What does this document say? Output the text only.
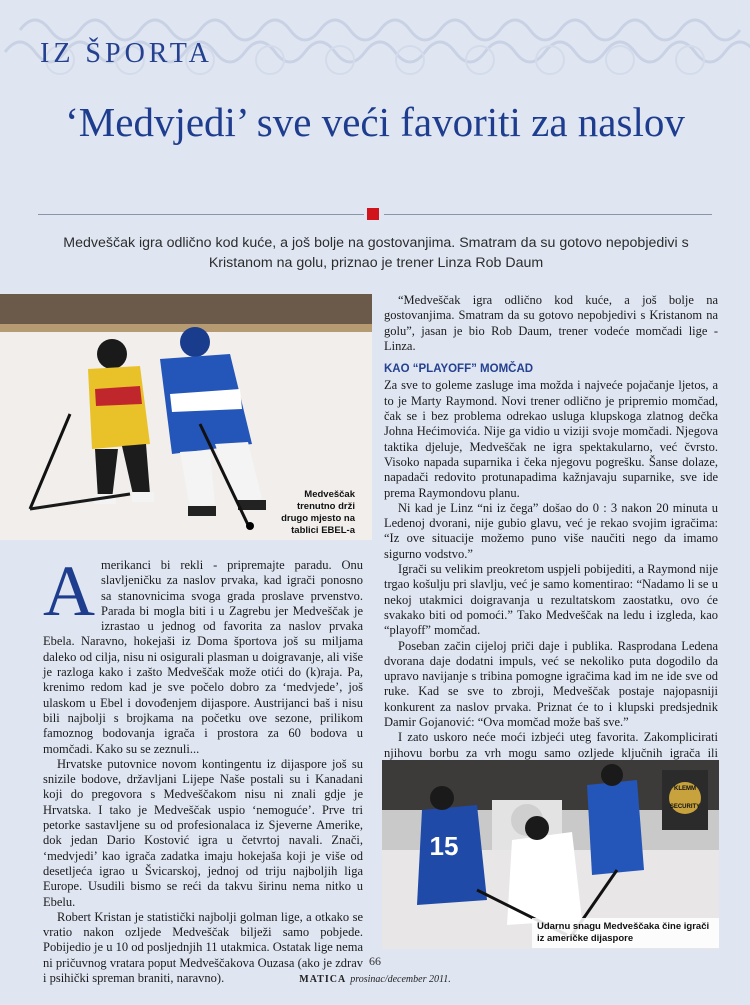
IZ ŠPORTA
‘Medvjedi’ sve veći favoriti za naslov
Medveščak igra odlično kod kuće, a još bolje na gostovanjima. Smatram da su gotovo nepobjedivi s Kristanom na golu, priznao je trener Linza Rob Daum
Medveščak trenutno drži drugo mjesto na tablici EBEL-a
A merikanci bi rekli - pripremajte paradu. Onu slavljeničku za naslov prvaka, kad igrači ponosno sa stanovnicima svoga grada proslave prvenstvo. Parada bi mogla biti i u Zagrebu jer Medveščak je izrastao u jednog od favorita za naslov prvaka Ebela. Naravno, hokejaši iz Doma športova još su miljama daleko od cilja, nisu ni osigurali plasman u doigravanje, ali više je razloga kako i zašto Medveščak može otići do (k)raja. Pa, krenimo redom kad je sve počelo dobro za ‘medvjede’, još ulaskom u Ebel i dovođenjem dijaspore. Austrijanci baš i nisu bili najbolji s brojkama na početku ove sezone, prilikom famoznog bodovanja igrača i prostora za 60 bodova u momčadi. Kako su se zeznuli...

Hrvatske putovnice novom kontingentu iz dijaspore još su snizile bodove, državljani Lijepe Naše postali su i Kanadani koji do pregovora s Medveščakom nisu ni znali gdje je Hrvatska. I tako je Medveščak uspio ‘nemoguće’. Prve tri petorke sastavljene su od profesionalaca iz Sjeverne Amerike, dok jedan Dario Kostović igra u četvrtoj navali. Znači, ‘medvjedi’ kao igrača zadatka imaju hokejaša koji je više od desetljeća igrao u Švicarskoj, jednoj od triju najboljih liga Europe. Usudili bismo se reći da takvu širinu nema nitko u Ebelu.

Robert Kristan je statistički najbolji golman lige, a otkako se vratio nakon ozljede Medveščak bilježi samo pobjede. Pobijedio je u 10 od posljednjih 11 utakmica. Ostatak lige nema ni pričuvnog vratara poput Medveščakova Ouzasa (ako je zdrav i psihički spreman braniti, naravno).

“Medveščak igra odlično kod kuće, a još bolje na gostovanjima. Smatram da su gotovo nepobjedivi s Kristanom na golu”, jasan je bio Rob Daum, trener vodeće momčadi lige - Linza.

KAO “PLAYOFF” MOMČAD

Za sve to goleme zasluge ima možda i najveće pojačanje ljetos, a to je Marty Raymond. Novi trener odlično je pripremio momčad, čak se i bez problema odrekao usluga klupskoga zlatnog dečka Johna Hećimovića. Nije ga vidio u viziji svoje momčadi. Njegova taktika djeluje, Medveščak ne igra spektakularno, već čvrsto. Visoko napada suparnika i čeka njegovu pogrešku. Šanse dolaze, napadači redovito protunapadima kažnjavaju suparnike, sve ide prema Raymondovu planu.

Ni kad je Linz “ni iz čega” došao do 0 : 3 nakon 20 minuta u Ledenoj dvorani, nije gubio glavu, već je rekao svojim igračima: “Iz ove situacije možemo puno više naučiti nego da imamo sigurno vodstvo.”

Igrači su velikim preokretom uspjeli pobijediti, a Raymond nije trgao košulju pri slavlju, već je samo komentirao: “Nadamo li se u nekoj utakmici doigravanja u rezultatskom zaostatku, ovo će svakako biti od pomoći.” Tako Medveščak na ledu i izgleda, kao “playoff” momčad.

Poseban začin cijeloj priči daje i publika. Rasprodana Ledena dvorana daje dodatni impuls, već se nekoliko puta dogodilo da upravo navijanje s tribina pomogne igračima kad im ne ide sve od ruke. Kad se sve to zbroji, Medveščak postaje najopasniji konkurent za naslov prvaka. Priznat će to i klupski predsjednik Damir Gojanović: “Ova momčad može baš sve.”

I zato uskoro neće moći izbjeći uteg favorita. Zakomplicirati njihovu borbu za vrh mogu samo ozljede ključnih igrača ili

KLEMM
SECURITY
15
Udarnu snagu Medveščaka čine igrači iz američke dijaspore
66
MATICA prosinac/december 2011.
